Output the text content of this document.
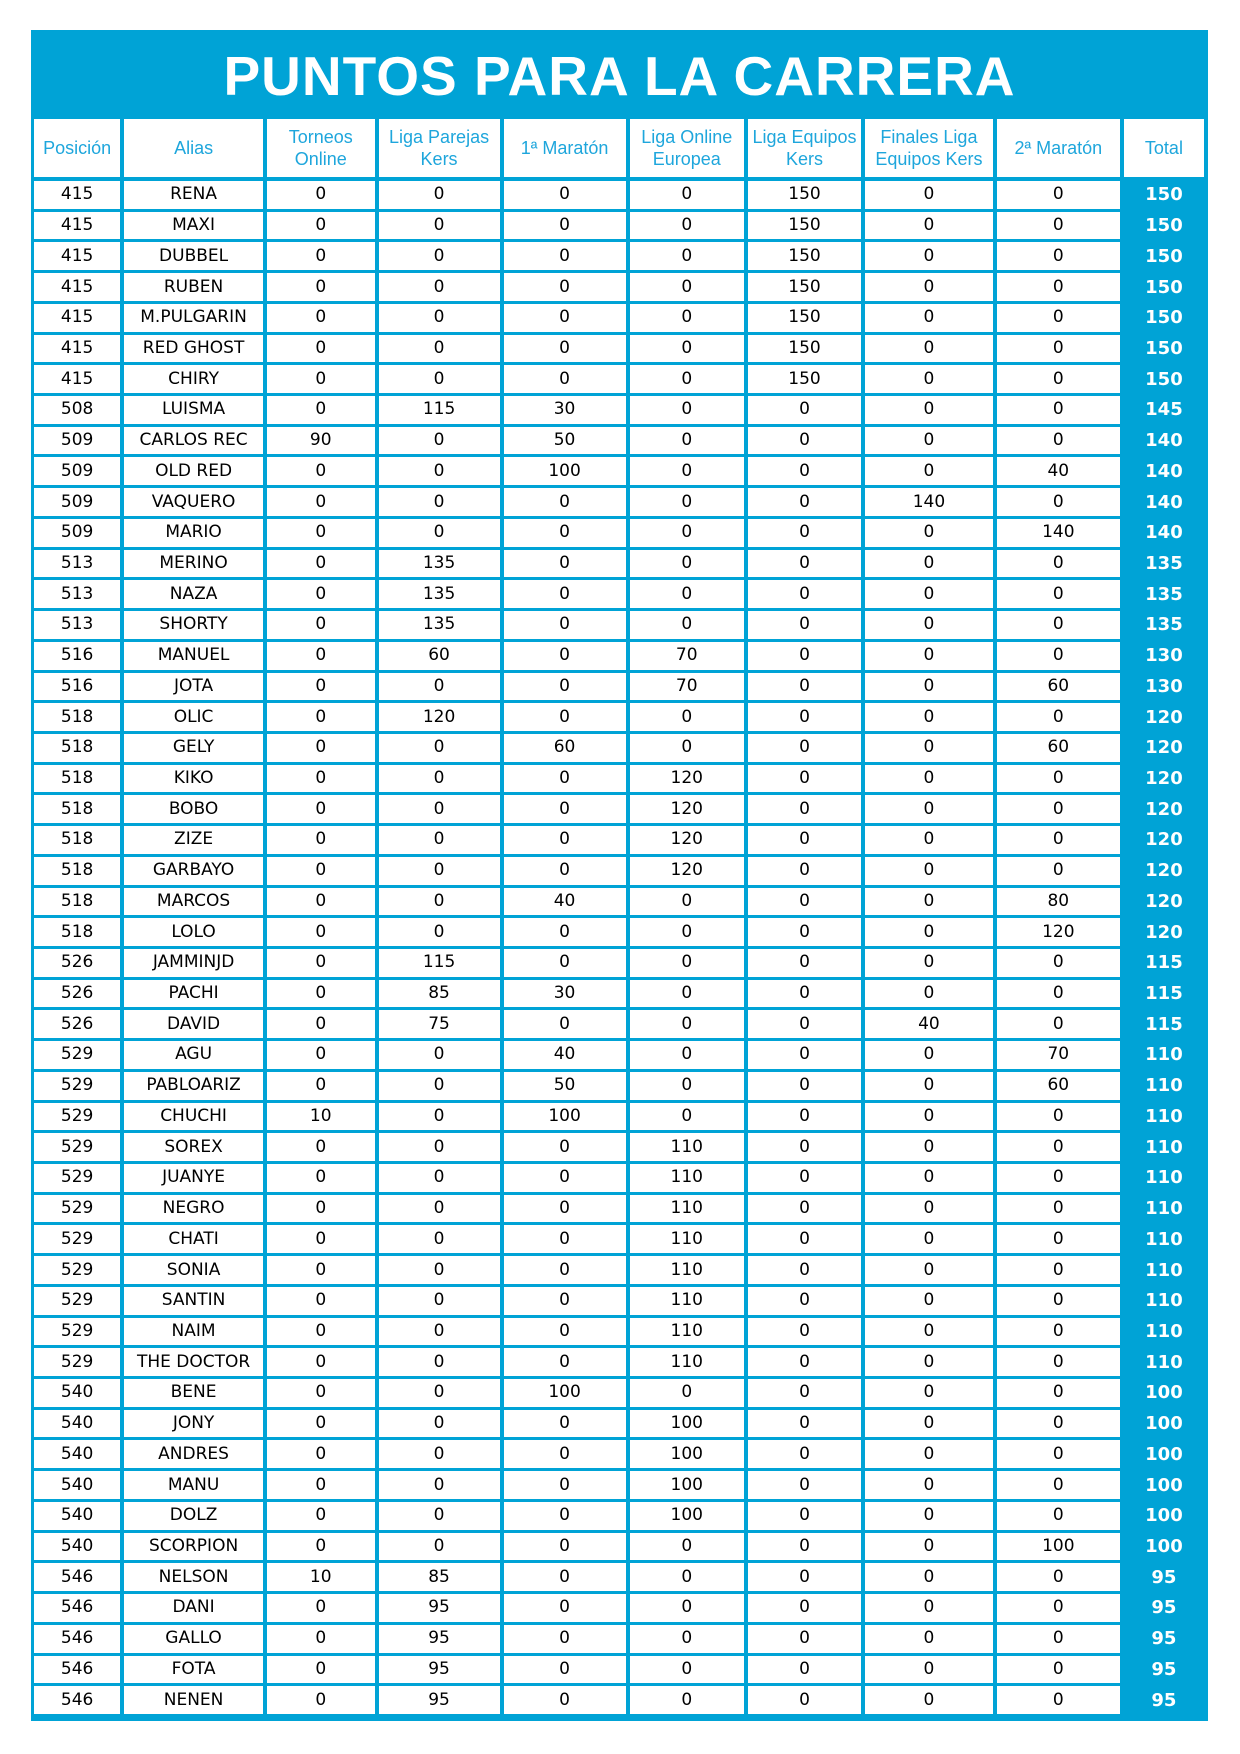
PUNTOS PARA LA CARRERA
Posición	Alias	Torneos Online	Liga Parejas Kers	1ª Maratón	Liga Online Europea	Liga Equipos Kers	Finales Liga Equipos Kers	2ª Maratón	Total
415	RENA	0	0	0	0	150	0	0	150
415	MAXI	0	0	0	0	150	0	0	150
415	DUBBEL	0	0	0	0	150	0	0	150
415	RUBEN	0	0	0	0	150	0	0	150
415	M.PULGARIN	0	0	0	0	150	0	0	150
415	RED GHOST	0	0	0	0	150	0	0	150
415	CHIRY	0	0	0	0	150	0	0	150
508	LUISMA	0	115	30	0	0	0	0	145
509	CARLOS REC	90	0	50	0	0	0	0	140
509	OLD RED	0	0	100	0	0	0	40	140
509	VAQUERO	0	0	0	0	0	140	0	140
509	MARIO	0	0	0	0	0	0	140	140
513	MERINO	0	135	0	0	0	0	0	135
513	NAZA	0	135	0	0	0	0	0	135
513	SHORTY	0	135	0	0	0	0	0	135
516	MANUEL	0	60	0	70	0	0	0	130
516	JOTA	0	0	0	70	0	0	60	130
518	OLIC	0	120	0	0	0	0	0	120
518	GELY	0	0	60	0	0	0	60	120
518	KIKO	0	0	0	120	0	0	0	120
518	BOBO	0	0	0	120	0	0	0	120
518	ZIZE	0	0	0	120	0	0	0	120
518	GARBAYO	0	0	0	120	0	0	0	120
518	MARCOS	0	0	40	0	0	0	80	120
518	LOLO	0	0	0	0	0	0	120	120
526	JAMMINJD	0	115	0	0	0	0	0	115
526	PACHI	0	85	30	0	0	0	0	115
526	DAVID	0	75	0	0	0	40	0	115
529	AGU	0	0	40	0	0	0	70	110
529	PABLOARIZ	0	0	50	0	0	0	60	110
529	CHUCHI	10	0	100	0	0	0	0	110
529	SOREX	0	0	0	110	0	0	0	110
529	JUANYE	0	0	0	110	0	0	0	110
529	NEGRO	0	0	0	110	0	0	0	110
529	CHATI	0	0	0	110	0	0	0	110
529	SONIA	0	0	0	110	0	0	0	110
529	SANTIN	0	0	0	110	0	0	0	110
529	NAIM	0	0	0	110	0	0	0	110
529	THE DOCTOR	0	0	0	110	0	0	0	110
540	BENE	0	0	100	0	0	0	0	100
540	JONY	0	0	0	100	0	0	0	100
540	ANDRES	0	0	0	100	0	0	0	100
540	MANU	0	0	0	100	0	0	0	100
540	DOLZ	0	0	0	100	0	0	0	100
540	SCORPION	0	0	0	0	0	0	100	100
546	NELSON	10	85	0	0	0	0	0	95
546	DANI	0	95	0	0	0	0	0	95
546	GALLO	0	95	0	0	0	0	0	95
546	FOTA	0	95	0	0	0	0	0	95
546	NENEN	0	95	0	0	0	0	0	95
